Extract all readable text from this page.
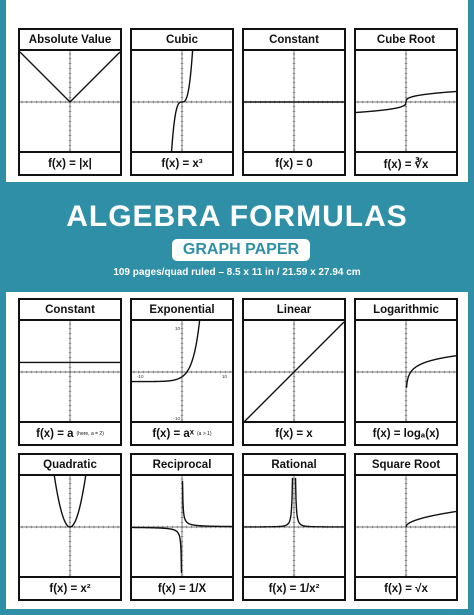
Absolute Value
f(x) = |x|
Cubic
f(x) = x³
Constant
f(x) = 0
Cube Root
f(x) = ∛x
ALGEBRA FORMULAS
GRAPH PAPER
109 pages/quad ruled – 8.5 x 11 in / 21.59 x 27.94 cm
Constant
f(x) = a (here, a = 2)
Exponential
-10	10
10
-10
f(x) = aˣ (a > 1)
Linear
f(x) = x
Logarithmic
f(x) = logₐ(x)
Quadratic
f(x) = x²
Reciprocal
f(x) = 1/X
Rational
f(x) = 1/x²
Square Root
f(x) = √x
